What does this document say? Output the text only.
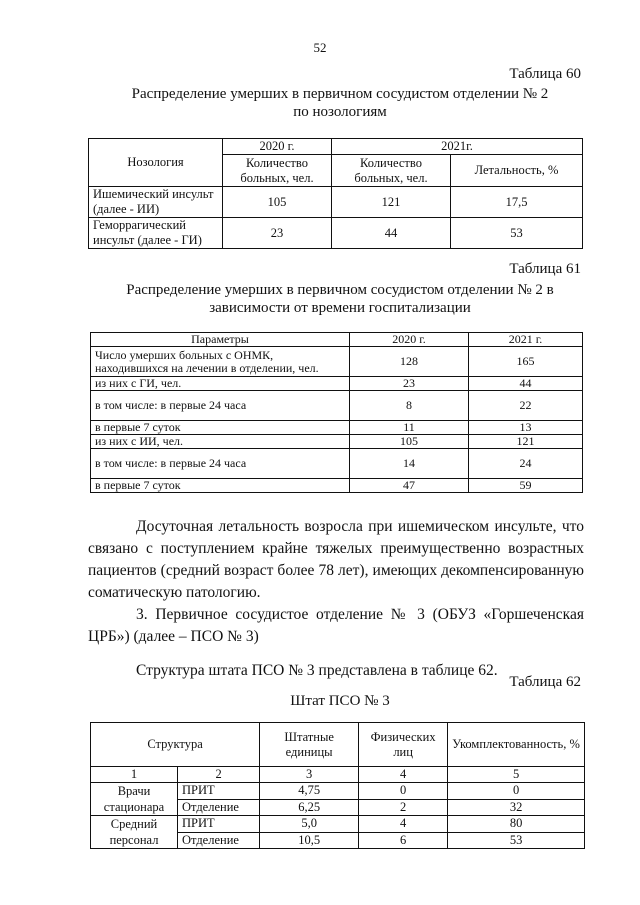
52
Таблица 60
Распределение умерших в первичном сосудистом отделении № 2
по нозологиям
Нозология	2020 г.	2021г.	
	Количество больных, чел.	Количество больных, чел.	Летальность, %
Ишемический инсульт (далее - ИИ)	105	121	17,5
Геморрагический инсульт (далее - ГИ)	23	44	53
Таблица 61
Распределение умерших в первичном сосудистом отделении № 2 в
зависимости от времени госпитализации
Параметры	2020 г.	2021 г.
Число умерших больных с ОНМК, находившихся на лечении в отделении, чел.	128	165
из них с ГИ, чел.	23	44
в том числе: в первые 24 часа	8	22
в первые 7 суток	11	13
из них с ИИ, чел.	105	121
в том числе: в первые 24 часа	14	24
в первые 7 суток	47	59
Досуточная летальность возросла при ишемическом инсульте, что
связано с поступлением крайне тяжелых преимущественно возрастных
пациентов (средний возраст более 78 лет), имеющих декомпенсированную
соматическую патологию.
3. Первичное сосудистое отделение № 3 (ОБУЗ «Горшеченская
ЦРБ») (далее – ПСО № 3)
Структура штата ПСО № 3 представлена в таблице 62.
Таблица 62
Штат ПСО № 3
Структура		Штатные единицы	Физических лиц	Укомплектованность, %
1	2	3	4	5
Врачи стационара	ПРИТ	4,75	0	0
	Отделение	6,25	2	32
Средний персонал	ПРИТ	5,0	4	80
	Отделение	10,5	6	53
